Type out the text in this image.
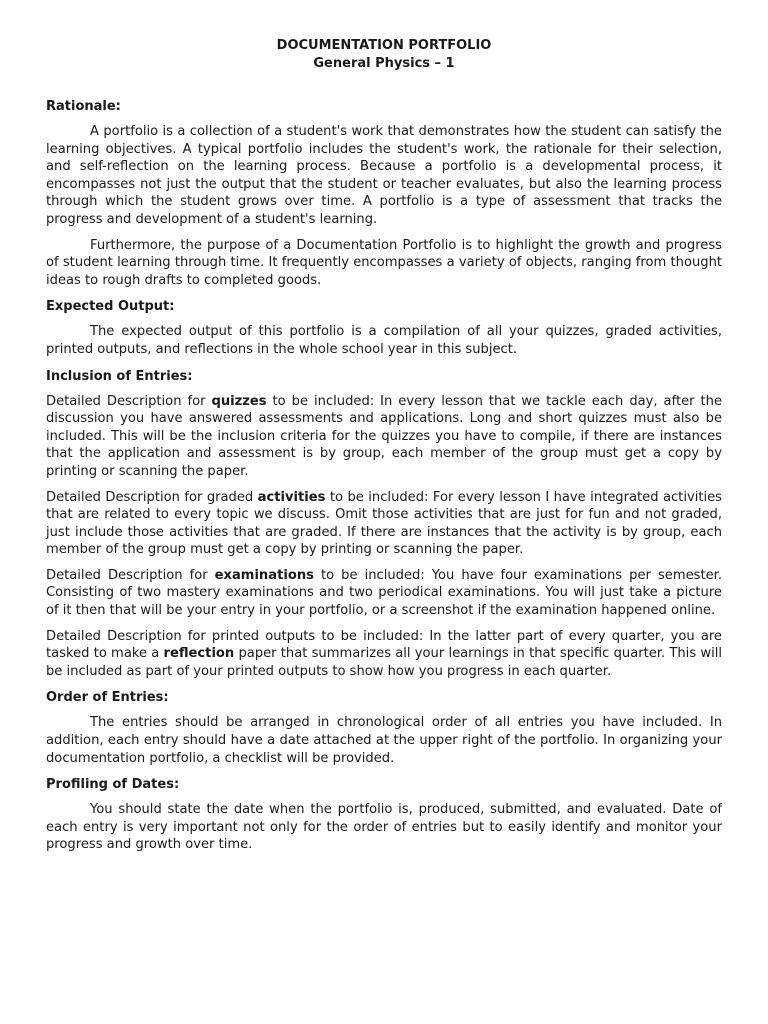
DOCUMENTATION PORTFOLIO

General Physics – 1

Rationale:

A portfolio is a collection of a student's work that demonstrates how the student can satisfy the learning objectives. A typical portfolio includes the student's work, the rationale for their selection, and self-reflection on the learning process. Because a portfolio is a developmental process, it encompasses not just the output that the student or teacher evaluates, but also the learning process through which the student grows over time. A portfolio is a type of assessment that tracks the progress and development of a student's learning.

Furthermore, the purpose of a Documentation Portfolio is to highlight the growth and progress of student learning through time. It frequently encompasses a variety of objects, ranging from thought ideas to rough drafts to completed goods.

Expected Output:

The expected output of this portfolio is a compilation of all your quizzes, graded activities, printed outputs, and reflections in the whole school year in this subject.

Inclusion of Entries:

Detailed Description for quizzes to be included: In every lesson that we tackle each day, after the discussion you have answered assessments and applications. Long and short quizzes must also be included. This will be the inclusion criteria for the quizzes you have to compile, if there are instances that the application and assessment is by group, each member of the group must get a copy by printing or scanning the paper.

Detailed Description for graded activities to be included: For every lesson I have integrated activities that are related to every topic we discuss. Omit those activities that are just for fun and not graded, just include those activities that are graded. If there are instances that the activity is by group, each member of the group must get a copy by printing or scanning the paper.

Detailed Description for examinations to be included: You have four examinations per semester. Consisting of two mastery examinations and two periodical examinations. You will just take a picture of it then that will be your entry in your portfolio, or a screenshot if the examination happened online.

Detailed Description for printed outputs to be included: In the latter part of every quarter, you are tasked to make a reflection paper that summarizes all your learnings in that specific quarter. This will be included as part of your printed outputs to show how you progress in each quarter.

Order of Entries:

The entries should be arranged in chronological order of all entries you have included. In addition, each entry should have a date attached at the upper right of the portfolio. In organizing your documentation portfolio, a checklist will be provided.

Profiling of Dates:

You should state the date when the portfolio is, produced, submitted, and evaluated. Date of each entry is very important not only for the order of entries but to easily identify and monitor your progress and growth over time.
